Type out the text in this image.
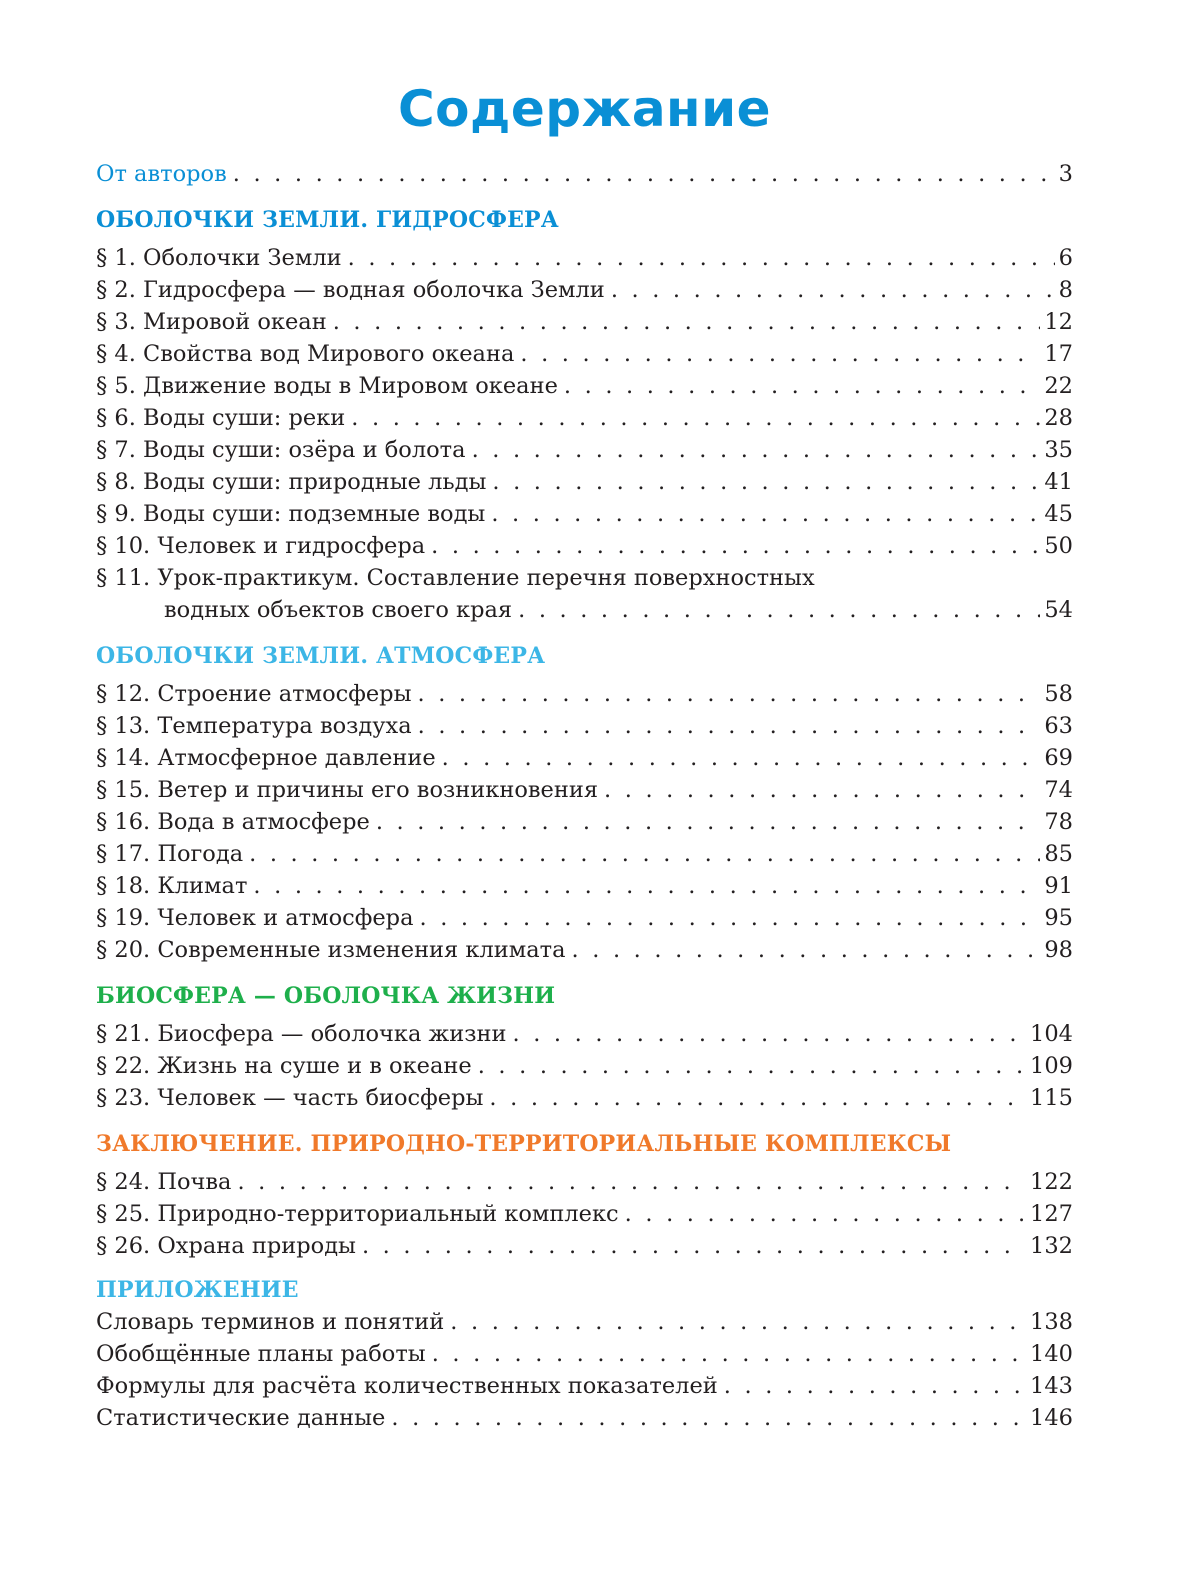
Содержание
От авторов . . .	3
ОБОЛОЧКИ ЗЕМЛИ. ГИДРОСФЕРА
§ 1. Оболочки Земли . . .	6
§ 2. Гидросфера — водная оболочка Земли . . .	8
§ 3. Мировой океан . . .	12
§ 4. Свойства вод Мирового океана . . .	17
§ 5. Движение воды в Мировом океане . . .	22
§ 6. Воды суши: реки . . .	28
§ 7. Воды суши: озёра и болота . . .	35
§ 8. Воды суши: природные льды . . .	41
§ 9. Воды суши: подземные воды . . .	45
§ 10. Человек и гидросфера . . .	50
§ 11. Урок-практикум. Составление перечня поверхностных
водных объектов своего края . . .	54
ОБОЛОЧКИ ЗЕМЛИ. АТМОСФЕРА
§ 12. Строение атмосферы . . .	58
§ 13. Температура воздуха . . .	63
§ 14. Атмосферное давление . . .	69
§ 15. Ветер и причины его возникновения . . .	74
§ 16. Вода в атмосфере . . .	78
§ 17. Погода . . .	85
§ 18. Климат . . .	91
§ 19. Человек и атмосфера . . .	95
§ 20. Современные изменения климата . . .	98
БИОСФЕРА — ОБОЛОЧКА ЖИЗНИ
§ 21. Биосфера — оболочка жизни . . .	104
§ 22. Жизнь на суше и в океане . . .	109
§ 23. Человек — часть биосферы . . .	115
ЗАКЛЮЧЕНИЕ. ПРИРОДНО-ТЕРРИТОРИАЛЬНЫЕ КОМПЛЕКСЫ
§ 24. Почва . . .	122
§ 25. Природно-территориальный комплекс . . .	127
§ 26. Охрана природы . . .	132
ПРИЛОЖЕНИЕ
Словарь терминов и понятий . . .	138
Обобщённые планы работы . . .	140
Формулы для расчёта количественных показателей . . .	143
Статистические данные . . .	146
